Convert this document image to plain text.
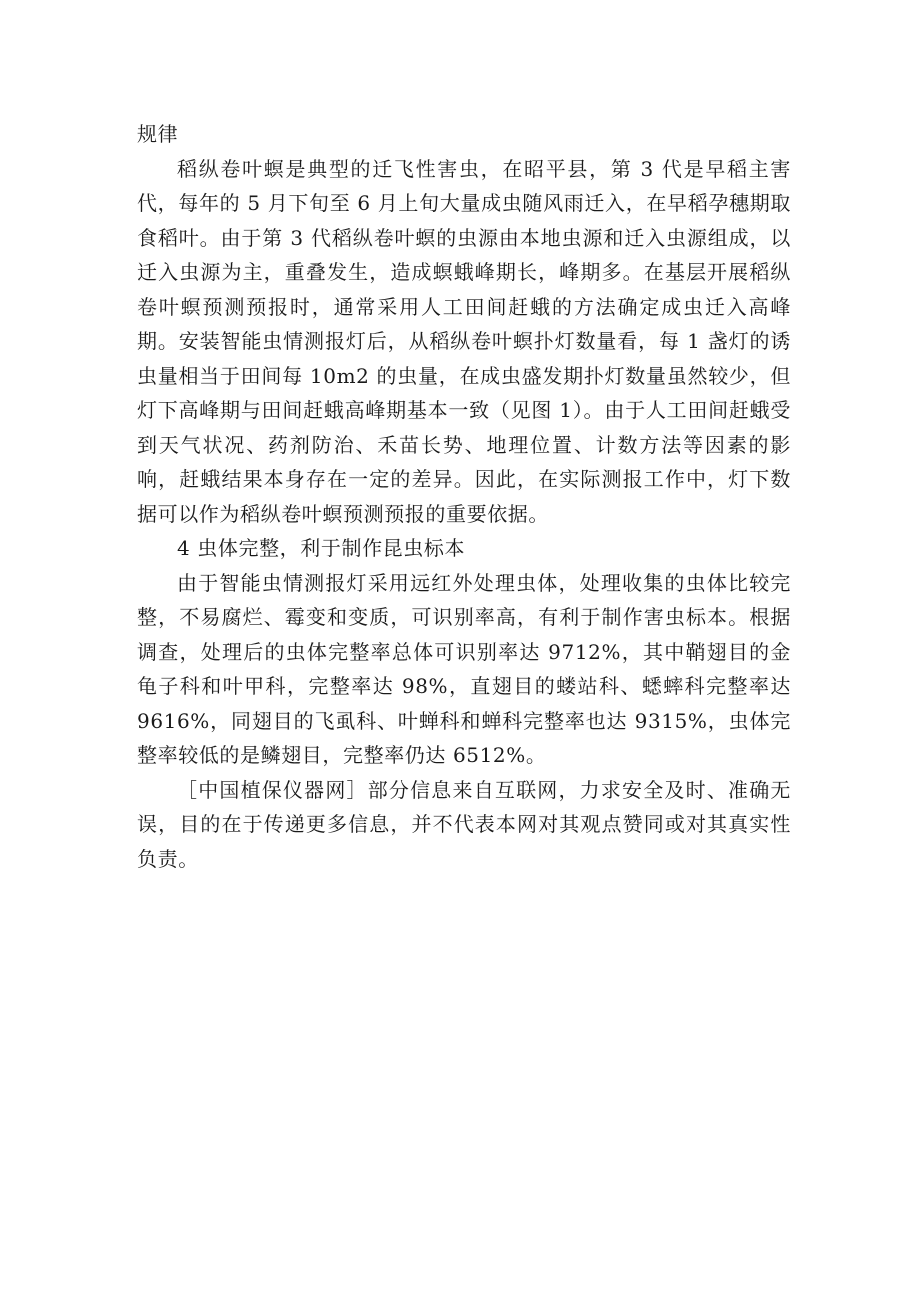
规律

稻纵卷叶螟是典型的迁飞性害虫，在昭平县，第 3 代是早稻主害代，每年的 5 月下旬至 6 月上旬大量成虫随风雨迁入，在早稻孕穗期取食稻叶。由于第 3 代稻纵卷叶螟的虫源由本地虫源和迁入虫源组成，以迁入虫源为主，重叠发生，造成螟蛾峰期长，峰期多。在基层开展稻纵卷叶螟预测预报时，通常采用人工田间赶蛾的方法确定成虫迁入高峰期。安装智能虫情测报灯后，从稻纵卷叶螟扑灯数量看，每 1 盏灯的诱虫量相当于田间每 10m2 的虫量，在成虫盛发期扑灯数量虽然较少，但灯下高峰期与田间赶蛾高峰期基本一致（见图 1）。由于人工田间赶蛾受到天气状况、药剂防治、禾苗长势、地理位置、计数方法等因素的影响，赶蛾结果本身存在一定的差异。因此，在实际测报工作中，灯下数据可以作为稻纵卷叶螟预测预报的重要依据。

4 虫体完整，利于制作昆虫标本

由于智能虫情测报灯采用远红外处理虫体，处理收集的虫体比较完整，不易腐烂、霉变和变质，可识别率高，有利于制作害虫标本。根据调查，处理后的虫体完整率总体可识别率达 9712%，其中鞘翅目的金龟子科和叶甲科，完整率达 98%，直翅目的蝼站科、蟋蟀科完整率达 9616%，同翅目的飞虱科、叶蝉科和蝉科完整率也达 9315%，虫体完整率较低的是鳞翅目，完整率仍达 6512%。

［中国植保仪器网］部分信息来自互联网，力求安全及时、准确无误，目的在于传递更多信息，并不代表本网对其观点赞同或对其真实性负责。
